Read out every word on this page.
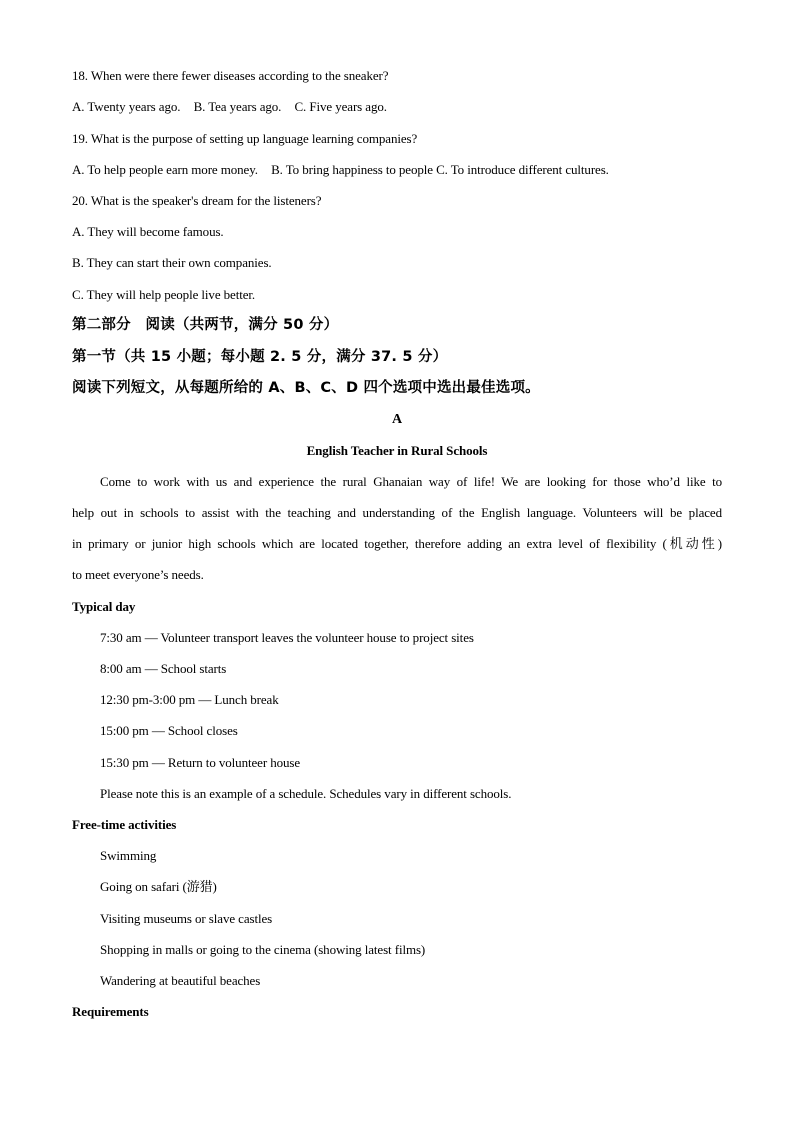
18. When were there fewer diseases according to the sneaker?
A. Twenty years ago. B. Tea years ago. C. Five years ago.
19. What is the purpose of setting up language learning companies?
A. To help people earn more money. B. To bring happiness to people C. To introduce different cultures.
20. What is the speaker's dream for the listeners?
A. They will become famous.
B. They can start their own companies.
C. They will help people live better.
第二部分　阅读（共两节，满分 50 分）
第一节（共 15 小题；每小题 2. 5 分，满分 37. 5 分）
阅读下列短文，从每题所给的 A、B、C、D 四个选项中选出最佳选项。
A
English Teacher in Rural Schools
Come to work with us and experience the rural Ghanaian way of life! We are looking for those who’d like to
help out in schools to assist with the teaching and understanding of the English language. Volunteers will be placed
in primary or junior high schools which are located together, therefore adding an extra level of flexibility (机动性)
to meet everyone’s needs.
Typical day
7:30 am — Volunteer transport leaves the volunteer house to project sites
8:00 am — School starts
12:30 pm-3:00 pm — Lunch break
15:00 pm — School closes
15:30 pm — Return to volunteer house
Please note this is an example of a schedule. Schedules vary in different schools.
Free-time activities
Swimming
Going on safari (游猎)
Visiting museums or slave castles
Shopping in malls or going to the cinema (showing latest films)
Wandering at beautiful beaches
Requirements
